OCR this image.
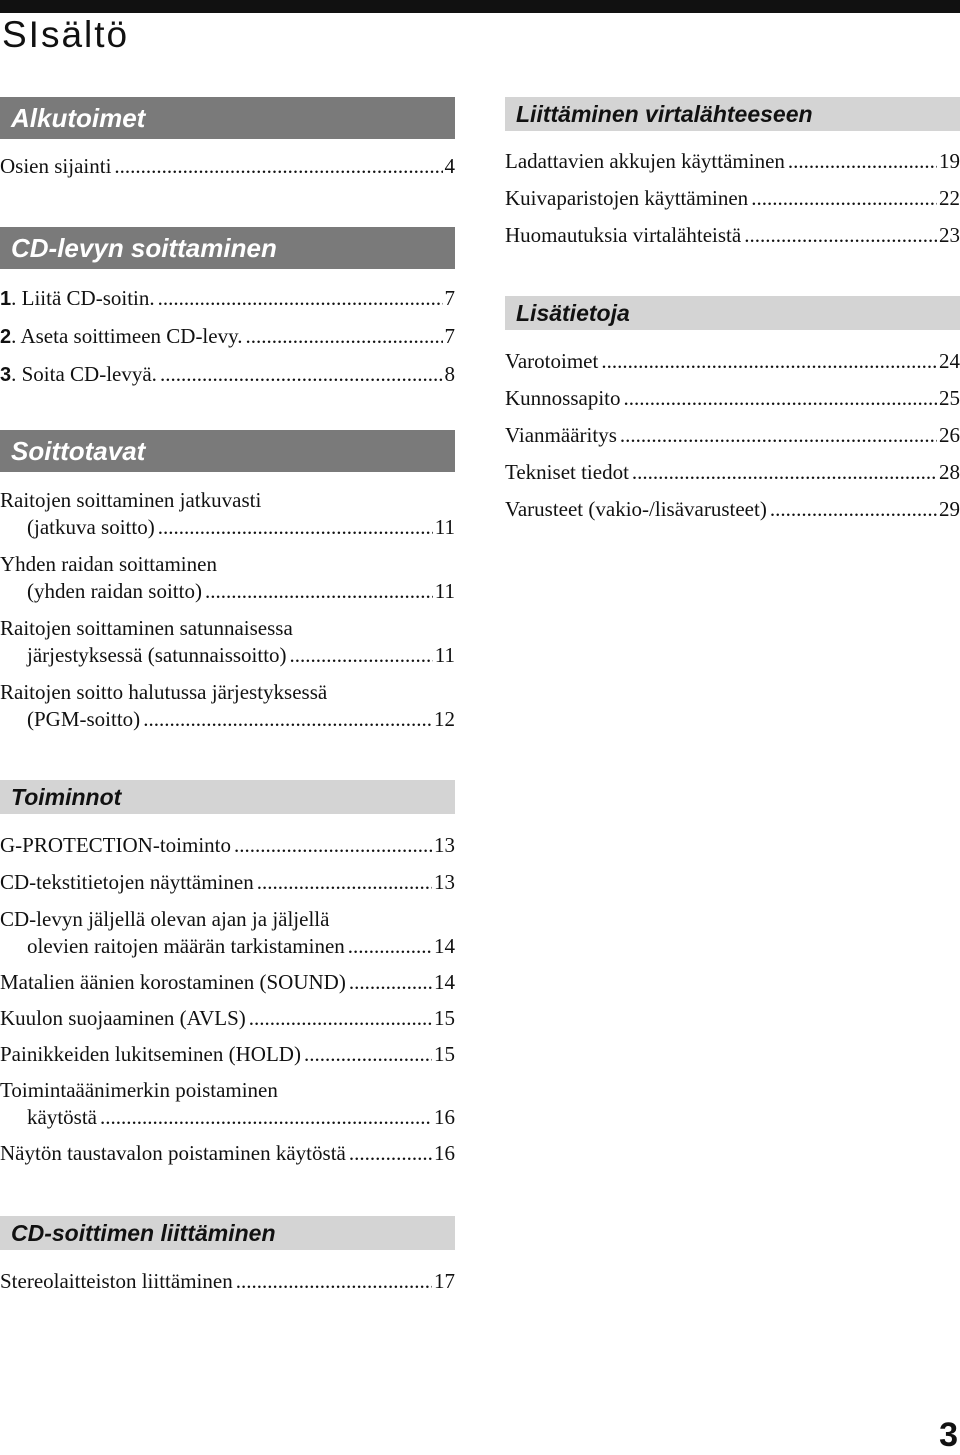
SIsältö
Alkutoimet
Osien sijainti .....	4
CD-levyn soittaminen
1 . Liitä CD-soitin. .....	7
2 . Aseta soittimeen CD-levy. .....	7
3 . Soita CD-levyä. .....	8
Soittotavat
Raitojen soittaminen jatkuvasti
(jatkuva soitto) .....	11
Yhden raidan soittaminen
(yhden raidan soitto) .....	11
Raitojen soittaminen satunnaisessa
järjestyksessä (satunnaissoitto) .....	11
Raitojen soitto halutussa järjestyksessä
(PGM-soitto) .....	12
Toiminnot
G-PROTECTION-toiminto .....	13
CD-tekstitietojen näyttäminen .....	13
CD-levyn jäljellä olevan ajan ja jäljellä
olevien raitojen määrän tarkistaminen .....	14
Matalien äänien korostaminen (SOUND) .....	14
Kuulon suojaaminen (AVLS) .....	15
Painikkeiden lukitseminen (HOLD) .....	15
Toimintaäänimerkin poistaminen
käytöstä .....	16
Näytön taustavalon poistaminen käytöstä .....	16
CD-soittimen liittäminen
Stereolaitteiston liittäminen .....	17
Liittäminen virtalähteeseen
Ladattavien akkujen käyttäminen .....	19
Kuivaparistojen käyttäminen .....	22
Huomautuksia virtalähteistä .....	23
Lisätietoja
Varotoimet .....	24
Kunnossapito .....	25
Vianmääritys .....	26
Tekniset tiedot .....	28
Varusteet (vakio-/lisävarusteet) .....	29
3
